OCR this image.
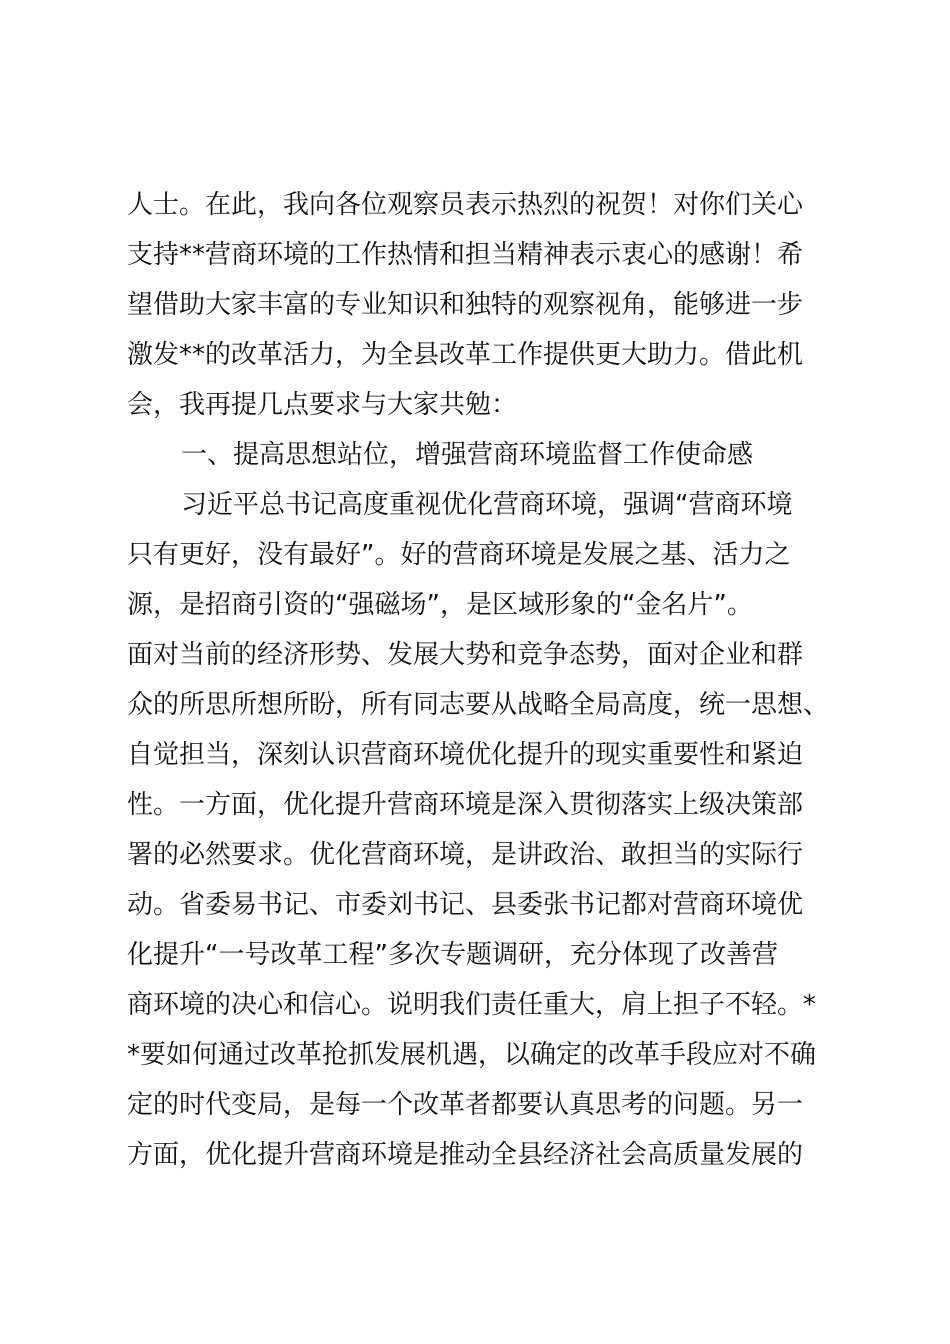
人士。在此，我向各位观察员表示热烈的祝贺！对你们关心
支持**营商环境的工作热情和担当精神表示衷心的感谢！希
望借助大家丰富的专业知识和独特的观察视角，能够进一步
激发**的改革活力，为全县改革工作提供更大助力。借此机
会，我再提几点要求与大家共勉：
一、提高思想站位，增强营商环境监督工作使命感
习近平总书记高度重视优化营商环境，强调“营商环境
只有更好，没有最好”。好的营商环境是发展之基、活力之
源，是招商引资的“强磁场”，是区域形象的“金名片”。
面对当前的经济形势、发展大势和竞争态势，面对企业和群
众的所思所想所盼，所有同志要从战略全局高度，统一思想、
自觉担当，深刻认识营商环境优化提升的现实重要性和紧迫
性。一方面，优化提升营商环境是深入贯彻落实上级决策部
署的必然要求。优化营商环境，是讲政治、敢担当的实际行
动。省委易书记、市委刘书记、县委张书记都对营商环境优
化提升“一号改革工程”多次专题调研，充分体现了改善营
商环境的决心和信心。说明我们责任重大，肩上担子不轻。*
*要如何通过改革抢抓发展机遇，以确定的改革手段应对不确
定的时代变局，是每一个改革者都要认真思考的问题。另一
方面，优化提升营商环境是推动全县经济社会高质量发展的
